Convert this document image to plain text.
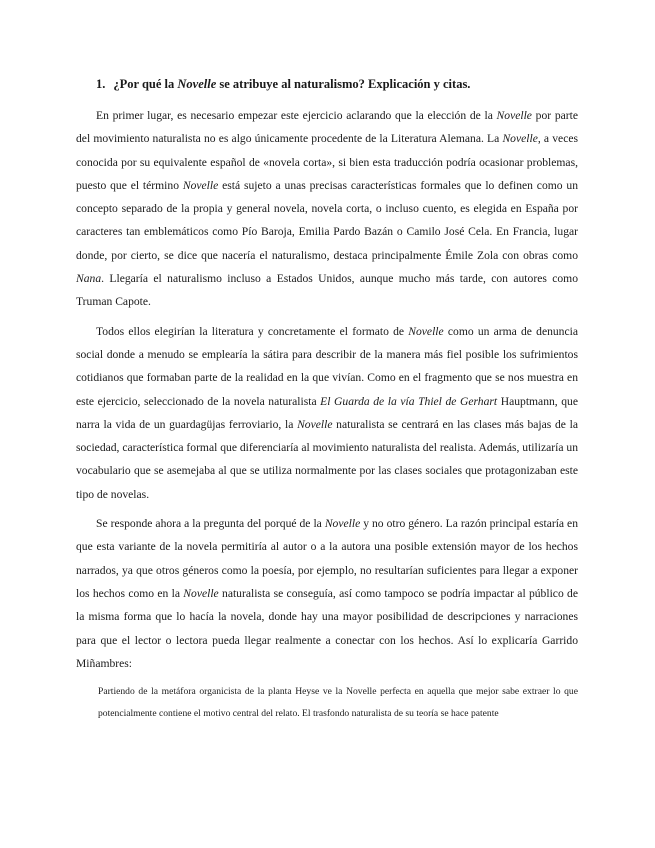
1. ¿Por qué la Novelle se atribuye al naturalismo? Explicación y citas.

En primer lugar, es necesario empezar este ejercicio aclarando que la elección de la Novelle por parte del movimiento naturalista no es algo únicamente procedente de la Literatura Alemana. La Novelle, a veces conocida por su equivalente español de «novela corta», si bien esta traducción podría ocasionar problemas, puesto que el término Novelle está sujeto a unas precisas características formales que lo definen como un concepto separado de la propia y general novela, novela corta, o incluso cuento, es elegida en España por caracteres tan emblemáticos como Pío Baroja, Emilia Pardo Bazán o Camilo José Cela. En Francia, lugar donde, por cierto, se dice que nacería el naturalismo, destaca principalmente Émile Zola con obras como Nana. Llegaría el naturalismo incluso a Estados Unidos, aunque mucho más tarde, con autores como Truman Capote.

Todos ellos elegirían la literatura y concretamente el formato de Novelle como un arma de denuncia social donde a menudo se emplearía la sátira para describir de la manera más fiel posible los sufrimientos cotidianos que formaban parte de la realidad en la que vivían. Como en el fragmento que se nos muestra en este ejercicio, seleccionado de la novela naturalista El Guarda de la vía Thiel de Gerhart Hauptmann, que narra la vida de un guardagüjas ferroviario, la Novelle naturalista se centrará en las clases más bajas de la sociedad, característica formal que diferenciaría al movimiento naturalista del realista. Además, utilizaría un vocabulario que se asemejaba al que se utiliza normalmente por las clases sociales que protagonizaban este tipo de novelas.

Se responde ahora a la pregunta del porqué de la Novelle y no otro género. La razón principal estaría en que esta variante de la novela permitiría al autor o a la autora una posible extensión mayor de los hechos narrados, ya que otros géneros como la poesía, por ejemplo, no resultarían suficientes para llegar a exponer los hechos como en la Novelle naturalista se conseguía, así como tampoco se podría impactar al público de la misma forma que lo hacía la novela, donde hay una mayor posibilidad de descripciones y narraciones para que el lector o lectora pueda llegar realmente a conectar con los hechos. Así lo explicaría Garrido Miñambres:

Partiendo de la metáfora organicista de la planta Heyse ve la Novelle perfecta en aquella que mejor sabe extraer lo que potencialmente contiene el motivo central del relato. El trasfondo naturalista de su teoría se hace patente
